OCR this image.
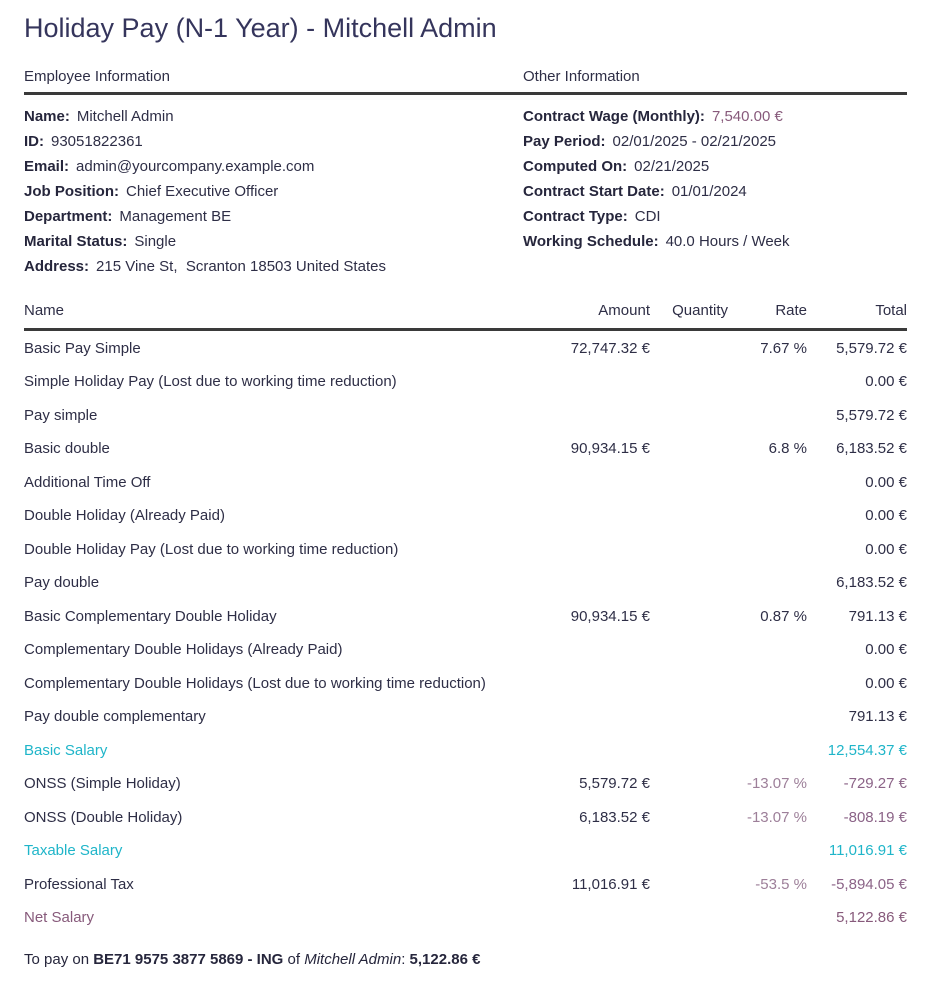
Holiday Pay (N-1 Year) - Mitchell Admin
Employee Information	Other Information
Name: Mitchell Admin
ID: 93051822361
Email: admin@yourcompany.example.com
Job Position: Chief Executive Officer
Department: Management BE
Marital Status: Single
Address: 215 Vine St,  Scranton 18503 United States
Contract Wage (Monthly): 7,540.00 €
Pay Period: 02/01/2025 - 02/21/2025
Computed On: 02/21/2025
Contract Start Date: 01/01/2024
Contract Type: CDI
Working Schedule: 40.0 Hours / Week
Name	Amount	Quantity	Rate	Total
Basic Pay Simple	72,747.32 €	7.67 %	5,579.72 €
Simple Holiday Pay (Lost due to working time reduction)	0.00 €
Pay simple	5,579.72 €
Basic double	90,934.15 €	6.8 %	6,183.52 €
Additional Time Off	0.00 €
Double Holiday (Already Paid)	0.00 €
Double Holiday Pay (Lost due to working time reduction)	0.00 €
Pay double	6,183.52 €
Basic Complementary Double Holiday	90,934.15 €	0.87 %	791.13 €
Complementary Double Holidays (Already Paid)	0.00 €
Complementary Double Holidays (Lost due to working time reduction)	0.00 €
Pay double complementary	791.13 €
Basic Salary	12,554.37 €
ONSS (Simple Holiday)	5,579.72 €	-13.07 %	-729.27 €
ONSS (Double Holiday)	6,183.52 €	-13.07 %	-808.19 €
Taxable Salary	11,016.91 €
Professional Tax	11,016.91 €	-53.5 %	-5,894.05 €
Net Salary	5,122.86 €

To pay on BE71 9575 3877 5869 - ING of Mitchell Admin: 5,122.86 €
